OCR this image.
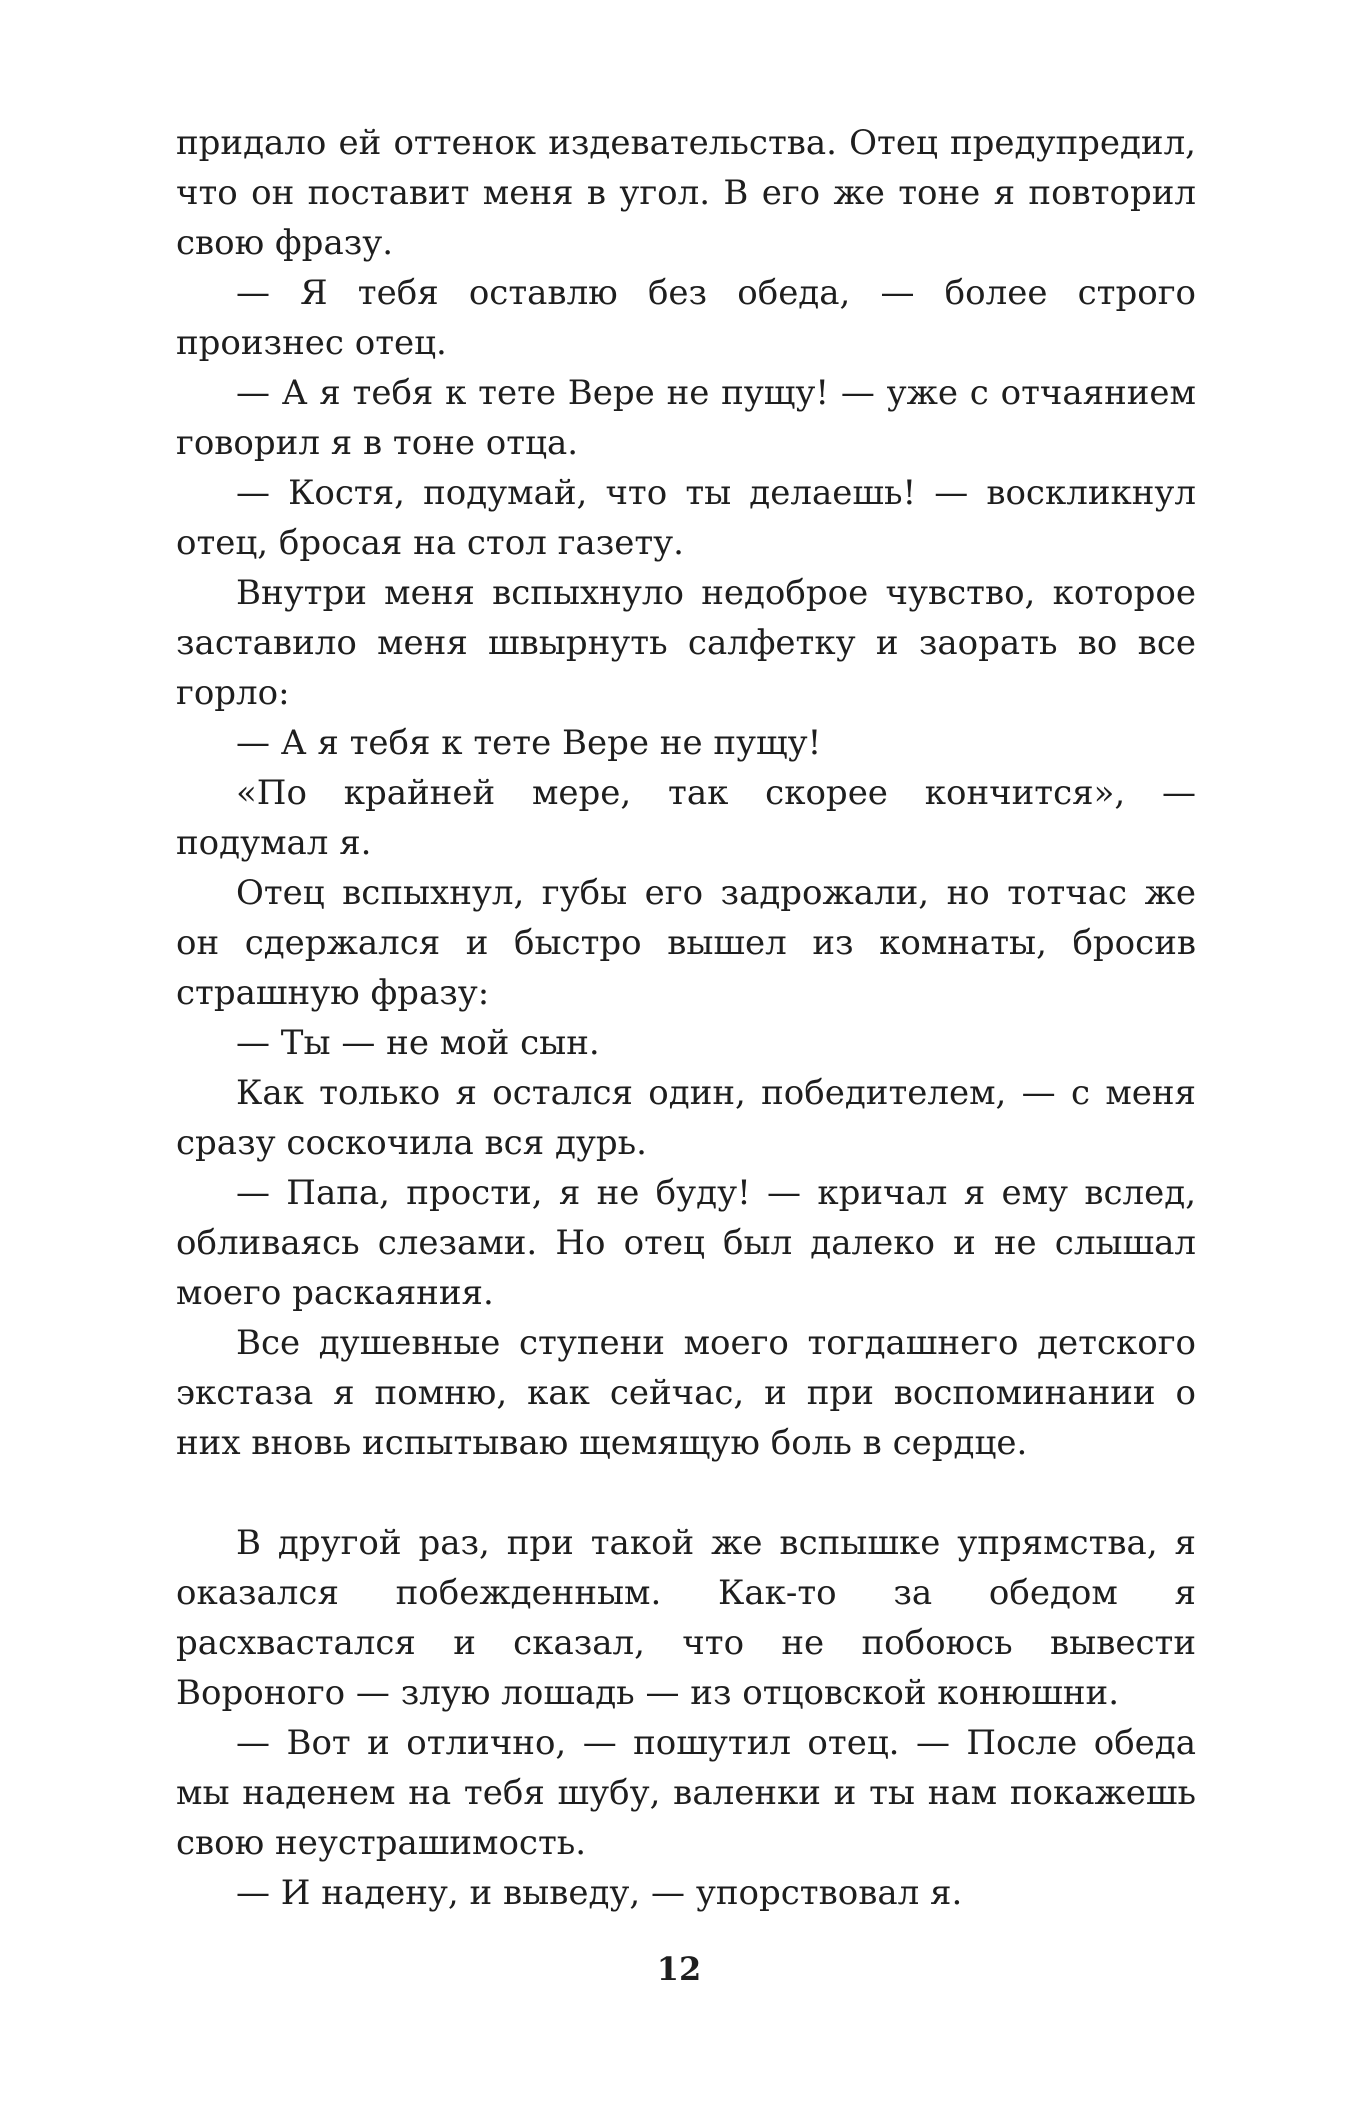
придало ей оттенок издевательства. Отец предупредил, что он поставит меня в угол. В его же тоне я повторил свою фразу.

— Я тебя оставлю без обеда, — более строго произнес отец.

— А я тебя к тете Вере не пущу! — уже с отчаянием говорил я в тоне отца.

— Костя, подумай, что ты делаешь! — воскликнул отец, бросая на стол газету.

Внутри меня вспыхнуло недоброе чувство, которое заставило меня швырнуть салфетку и заорать во все горло:

— А я тебя к тете Вере не пущу!

«По крайней мере, так скорее кончится», — подумал я.

Отец вспыхнул, губы его задрожали, но тотчас же он сдержался и быстро вышел из комнаты, бросив страшную фразу:

— Ты — не мой сын.

Как только я остался один, победителем, — с меня сразу соскочила вся дурь.

— Папа, прости, я не буду! — кричал я ему вслед, обливаясь слезами. Но отец был далеко и не слышал моего раскаяния.

Все душевные ступени моего тогдашнего детского экстаза я помню, как сейчас, и при воспоминании о них вновь испытываю щемящую боль в сердце.

В другой раз, при такой же вспышке упрямства, я оказался побежденным. Как-то за обедом я расхвастался и сказал, что не побоюсь вывести Вороного — злую лошадь — из отцовской конюшни.

— Вот и отлично, — пошутил отец. — После обеда мы наденем на тебя шубу, валенки и ты нам покажешь свою неустрашимость.

— И надену, и выведу, — упорствовал я.

12
